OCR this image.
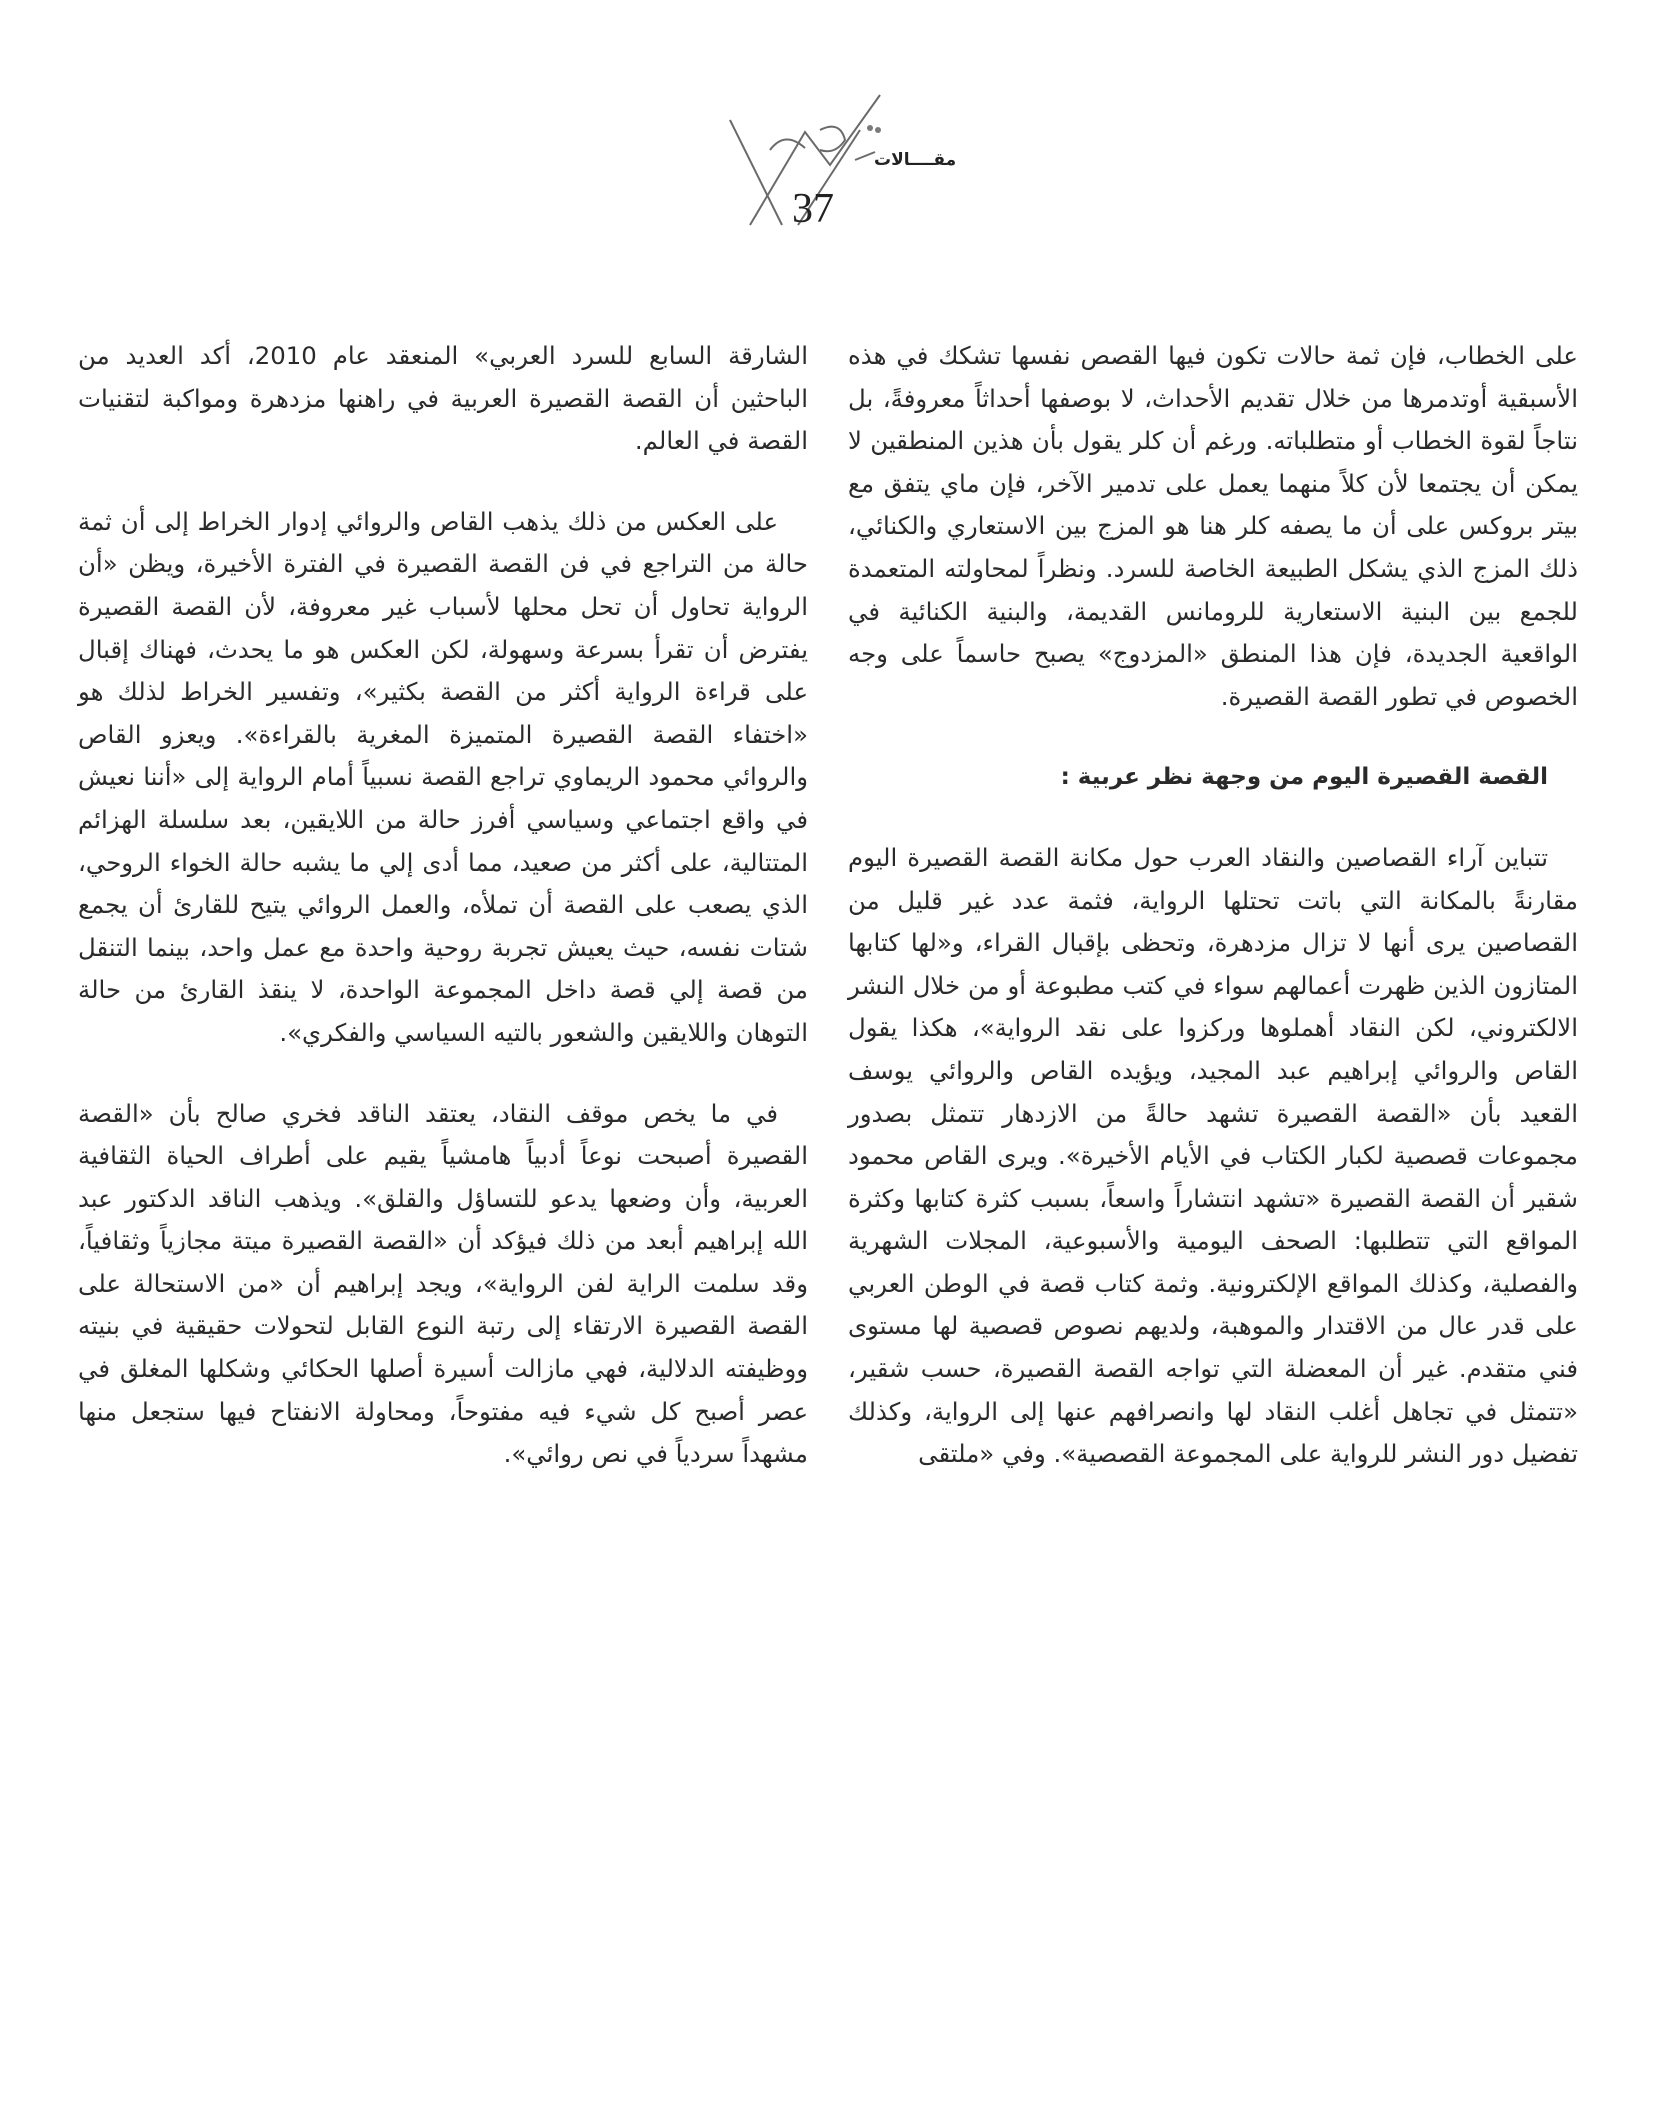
مقــــالات
37

على الخطاب، فإن ثمة حالات تكون فيها القصص نفسها تشكك في هذه الأسبقية أوتدمرها من خلال تقديم الأحداث، لا بوصفها أحداثاً معروفةً، بل نتاجاً لقوة الخطاب أو متطلباته. ورغم أن كلر يقول بأن هذين المنطقين لا يمكن أن يجتمعا لأن كلاً منهما يعمل على تدمير الآخر، فإن ماي يتفق مع بيتر بروكس على أن ما يصفه كلر هنا هو المزج بين الاستعاري والكنائي، ذلك المزج الذي يشكل الطبيعة الخاصة للسرد. ونظراً لمحاولته المتعمدة للجمع بين البنية الاستعارية للرومانس القديمة، والبنية الكنائية في الواقعية الجديدة، فإن هذا المنطق «المزدوج» يصبح حاسماً على وجه الخصوص في تطور القصة القصيرة.

القصة القصيرة اليوم من وجهة نظر عربية :

تتباين آراء القصاصين والنقاد العرب حول مكانة القصة القصيرة اليوم مقارنةً بالمكانة التي باتت تحتلها الرواية، فثمة عدد غير قليل من القصاصين يرى أنها لا تزال مزدهرة، وتحظى بإقبال القراء، و«لها كتابها المتازون الذين ظهرت أعمالهم سواء في كتب مطبوعة أو من خلال النشر الالكتروني، لكن النقاد أهملوها وركزوا على نقد الرواية»، هكذا يقول القاص والروائي إبراهيم عبد المجيد، ويؤيده القاص والروائي يوسف القعيد بأن «القصة القصيرة تشهد حالةً من الازدهار تتمثل بصدور مجموعات قصصية لكبار الكتاب في الأيام الأخيرة». ويرى القاص محمود شقير أن القصة القصيرة «تشهد انتشاراً واسعاً، بسبب كثرة كتابها وكثرة المواقع التي تتطلبها: الصحف اليومية والأسبوعية، المجلات الشهرية والفصلية، وكذلك المواقع الإلكترونية. وثمة كتاب قصة في الوطن العربي على قدر عال من الاقتدار والموهبة، ولديهم نصوص قصصية لها مستوى فني متقدم. غير أن المعضلة التي تواجه القصة القصيرة، حسب شقير، «تتمثل في تجاهل أغلب النقاد لها وانصرافهم عنها إلى الرواية، وكذلك تفضيل دور النشر للرواية على المجموعة القصصية». وفي «ملتقى

الشارقة السابع للسرد العربي» المنعقد عام 2010، أكد العديد من الباحثين أن القصة القصيرة العربية في راهنها مزدهرة ومواكبة لتقنيات القصة في العالم.

على العكس من ذلك يذهب القاص والروائي إدوار الخراط إلى أن ثمة حالة من التراجع في فن القصة القصيرة في الفترة الأخيرة، ويظن «أن الرواية تحاول أن تحل محلها لأسباب غير معروفة، لأن القصة القصيرة يفترض أن تقرأ بسرعة وسهولة، لكن العكس هو ما يحدث، فهناك إقبال على قراءة الرواية أكثر من القصة بكثير»، وتفسير الخراط لذلك هو «اختفاء القصة القصيرة المتميزة المغرية بالقراءة». ويعزو القاص والروائي محمود الريماوي تراجع القصة نسبياً أمام الرواية إلى «أننا نعيش في واقع اجتماعي وسياسي أفرز حالة من اللايقين، بعد سلسلة الهزائم المتتالية، على أكثر من صعيد، مما أدى إلي ما يشبه حالة الخواء الروحي، الذي يصعب على القصة أن تملأه، والعمل الروائي يتيح للقارئ أن يجمع شتات نفسه، حيث يعيش تجربة روحية واحدة مع عمل واحد، بينما التنقل من قصة إلي قصة داخل المجموعة الواحدة، لا ينقذ القارئ من حالة التوهان واللايقين والشعور بالتيه السياسي والفكري».

في ما يخص موقف النقاد، يعتقد الناقد فخري صالح بأن «القصة القصيرة أصبحت نوعاً أدبياً هامشياً يقيم على أطراف الحياة الثقافية العربية، وأن وضعها يدعو للتساؤل والقلق». ويذهب الناقد الدكتور عبد الله إبراهيم أبعد من ذلك فيؤكد أن «القصة القصيرة ميتة مجازياً وثقافياً، وقد سلمت الراية لفن الرواية»، ويجد إبراهيم أن «من الاستحالة على القصة القصيرة الارتقاء إلى رتبة النوع القابل لتحولات حقيقية في بنيته ووظيفته الدلالية، فهي مازالت أسيرة أصلها الحكائي وشكلها المغلق في عصر أصبح كل شيء فيه مفتوحاً، ومحاولة الانفتاح فيها ستجعل منها مشهداً سردياً في نص روائي».
